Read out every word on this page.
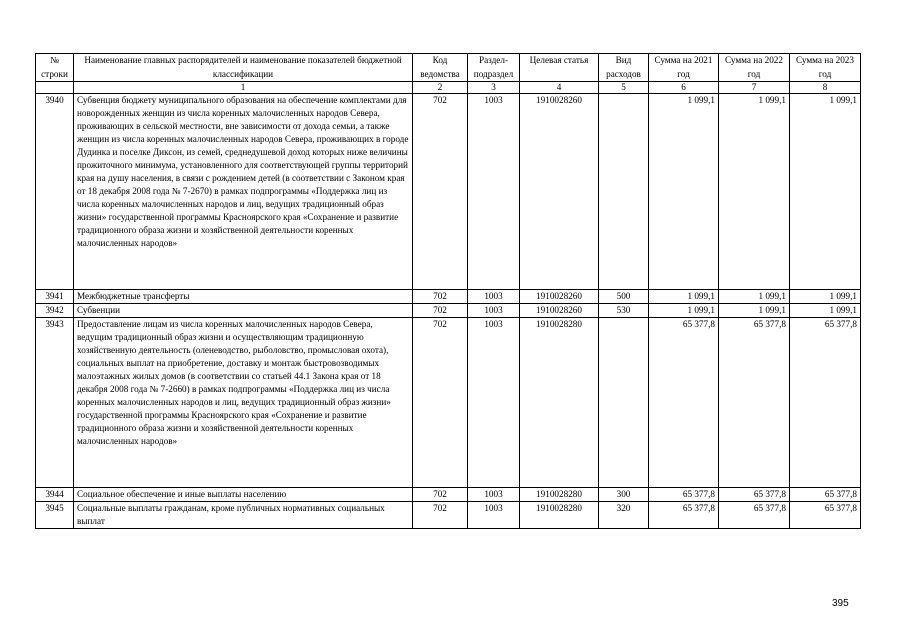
№ строки	Наименование главных распорядителей и наименование показателей бюджетной классификации	Код ведомства	Раздел-подраздел	Целевая статья	Вид расходов	Сумма на 2021 год	Сумма на 2022 год	Сумма на 2023 год
	1	2	3	4	5	6	7	8
3940	Субвенция бюджету муниципального образования на обеспечение комплектами для новорожденных женщин из числа коренных малочисленных народов Севера, проживающих в сельской местности, вне зависимости от дохода семьи, а также женщин из числа коренных малочисленных народов Севера, проживающих в городе Дудинка и поселке Диксон, из семей, среднедушевой доход которых ниже величины прожиточного минимума, установленного для соответствующей группы территорий края на душу населения, в связи с рождением детей (в соответствии с Законом края от 18 декабря 2008 года № 7-2670) в рамках подпрограммы «Поддержка лиц из числа коренных малочисленных народов и лиц, ведущих традиционный образ жизни» государственной программы Красноярского края «Сохранение и развитие традиционного образа жизни и хозяйственной деятельности коренных малочисленных народов»	702	1003	1910028260		1 099,1	1 099,1	1 099,1
3941	Межбюджетные трансферты	702	1003	1910028260	500	1 099,1	1 099,1	1 099,1
3942	Субвенции	702	1003	1910028260	530	1 099,1	1 099,1	1 099,1
3943	Предоставление лицам из числа коренных малочисленных народов Севера, ведущим традиционный образ жизни и осуществляющим традиционную хозяйственную деятельность (оленеводство, рыболовство, промысловая охота), социальных выплат на приобретение, доставку и монтаж быстровозводимых малоэтажных жилых домов (в соответствии со статьей 44.1 Закона края от 18 декабря 2008 года № 7-2660) в рамках подпрограммы «Поддержка лиц из числа коренных малочисленных народов и лиц, ведущих традиционный образ жизни» государственной программы Красноярского края «Сохранение и развитие традиционного образа жизни и хозяйственной деятельности коренных малочисленных народов»	702	1003	1910028280		65 377,8	65 377,8	65 377,8
3944	Социальное обеспечение и иные выплаты населению	702	1003	1910028280	300	65 377,8	65 377,8	65 377,8
3945	Социальные выплаты гражданам, кроме публичных нормативных социальных выплат	702	1003	1910028280	320	65 377,8	65 377,8	65 377,8
395
